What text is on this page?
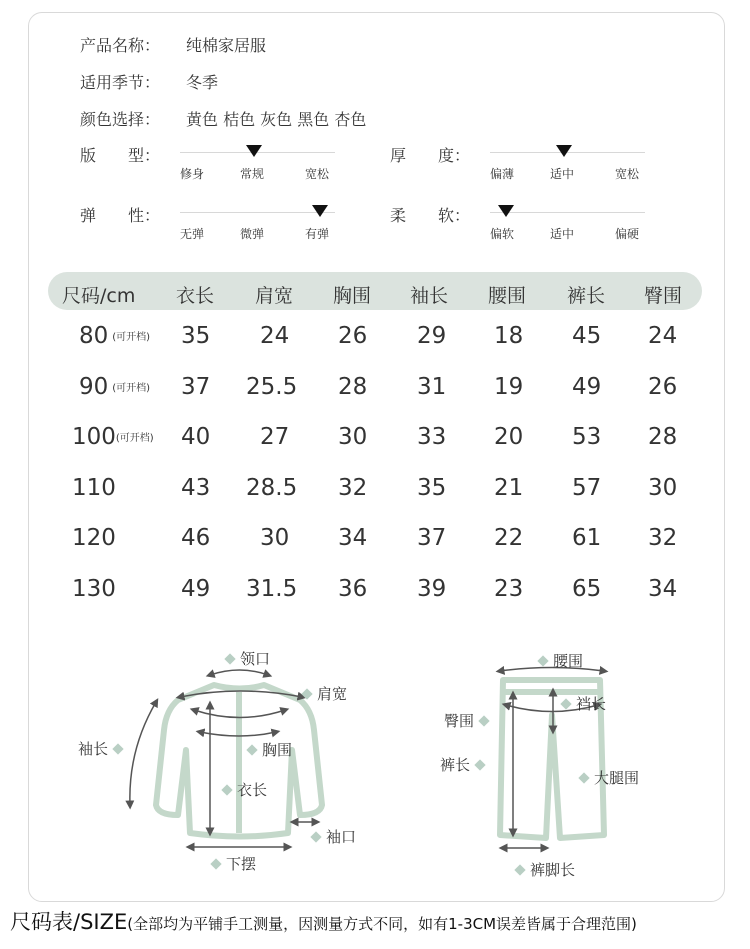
产品名称： 纯棉家居服
适用季节： 冬季
颜色选择： 黄色 桔色 灰色 黑色 杏色
版　　型：
修身	常规	宽松
厚　　度：
偏薄	适中	宽松
弹　　性：
无弹	微弹	有弹
柔　　软：
偏软	适中	偏硬
尺码/cm 衣长 肩宽 胸围 袖长 腰围 裤长 臀围
80 $^{(可开档)}$ 35 24 26 29 18 45 24
90 $^{(可开档)}$ 37 25.5 28 31 19 49 26
$100^{(可开档)}$ 40 27 30 33 20 53 28
110	43 28.5 32 35 21 57 30
120	46 30 34 37 22 61 32
130	49 31.5 36 39 23 65 34
领口
肩宽
袖长	胸围
衣长
袖口
下摆
腰围
臀围
裆长
裤长
大腿围
裤脚长
尺码表/SIZE(全部均为平铺手工测量，因测量方式不同，如有1-3CM误差皆属于合理范围)
